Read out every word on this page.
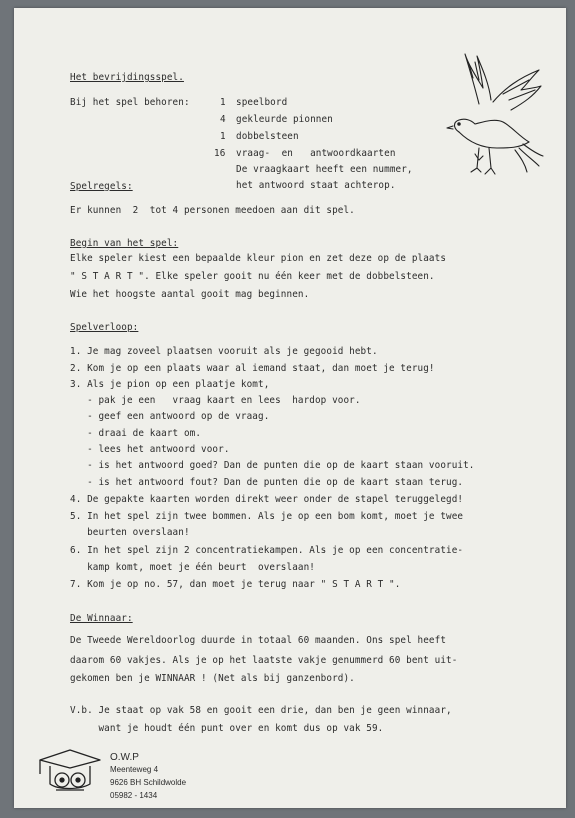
Het bevrijdingsspel.
Bij het spel behoren:	1 speelbord
4 gekleurde pionnen
1 dobbelsteen
16 vraag-  en   antwoordkaarten
De vraagkaart heeft een nummer,
het antwoord staat achterop.
Spelregels:
Er kunnen  2  tot 4 personen meedoen aan dit spel.
Begin van het spel:
Elke speler kiest een bepaalde kleur pion en zet deze op de plaats
" S T A R T ". Elke speler gooit nu één keer met de dobbelsteen.
Wie het hoogste aantal gooit mag beginnen.
Spelverloop:
1. Je mag zoveel plaatsen vooruit als je gegooid hebt.
2. Kom je op een plaats waar al iemand staat, dan moet je terug!
3. Als je pion op een plaatje komt,
- pak je een   vraag kaart en lees  hardop voor.
- geef een antwoord op de vraag.
- draai de kaart om.
- lees het antwoord voor.
- is het antwoord goed? Dan de punten die op de kaart staan vooruit.
- is het antwoord fout? Dan de punten die op de kaart staan terug.
4. De gepakte kaarten worden direkt weer onder de stapel teruggelegd!
5. In het spel zijn twee bommen. Als je op een bom komt, moet je twee
beurten overslaan!
6. In het spel zijn 2 concentratiekampen. Als je op een concentratie-
kamp komt, moet je één beurt  overslaan!
7. Kom je op no. 57, dan moet je terug naar " S T A R T ".
De Winnaar:
De Tweede Wereldoorlog duurde in totaal 60 maanden. Ons spel heeft
daarom 60 vakjes. Als je op het laatste vakje genummerd 60 bent uit-
gekomen ben je WINNAAR ! (Net als bij ganzenbord).
V.b. Je staat op vak 58 en gooit een drie, dan ben je geen winnaar,
want je houdt één punt over en komt dus op vak 59.
O.W.P
Meenteweg 4
9626 BH Schildwolde
05982 - 1434
